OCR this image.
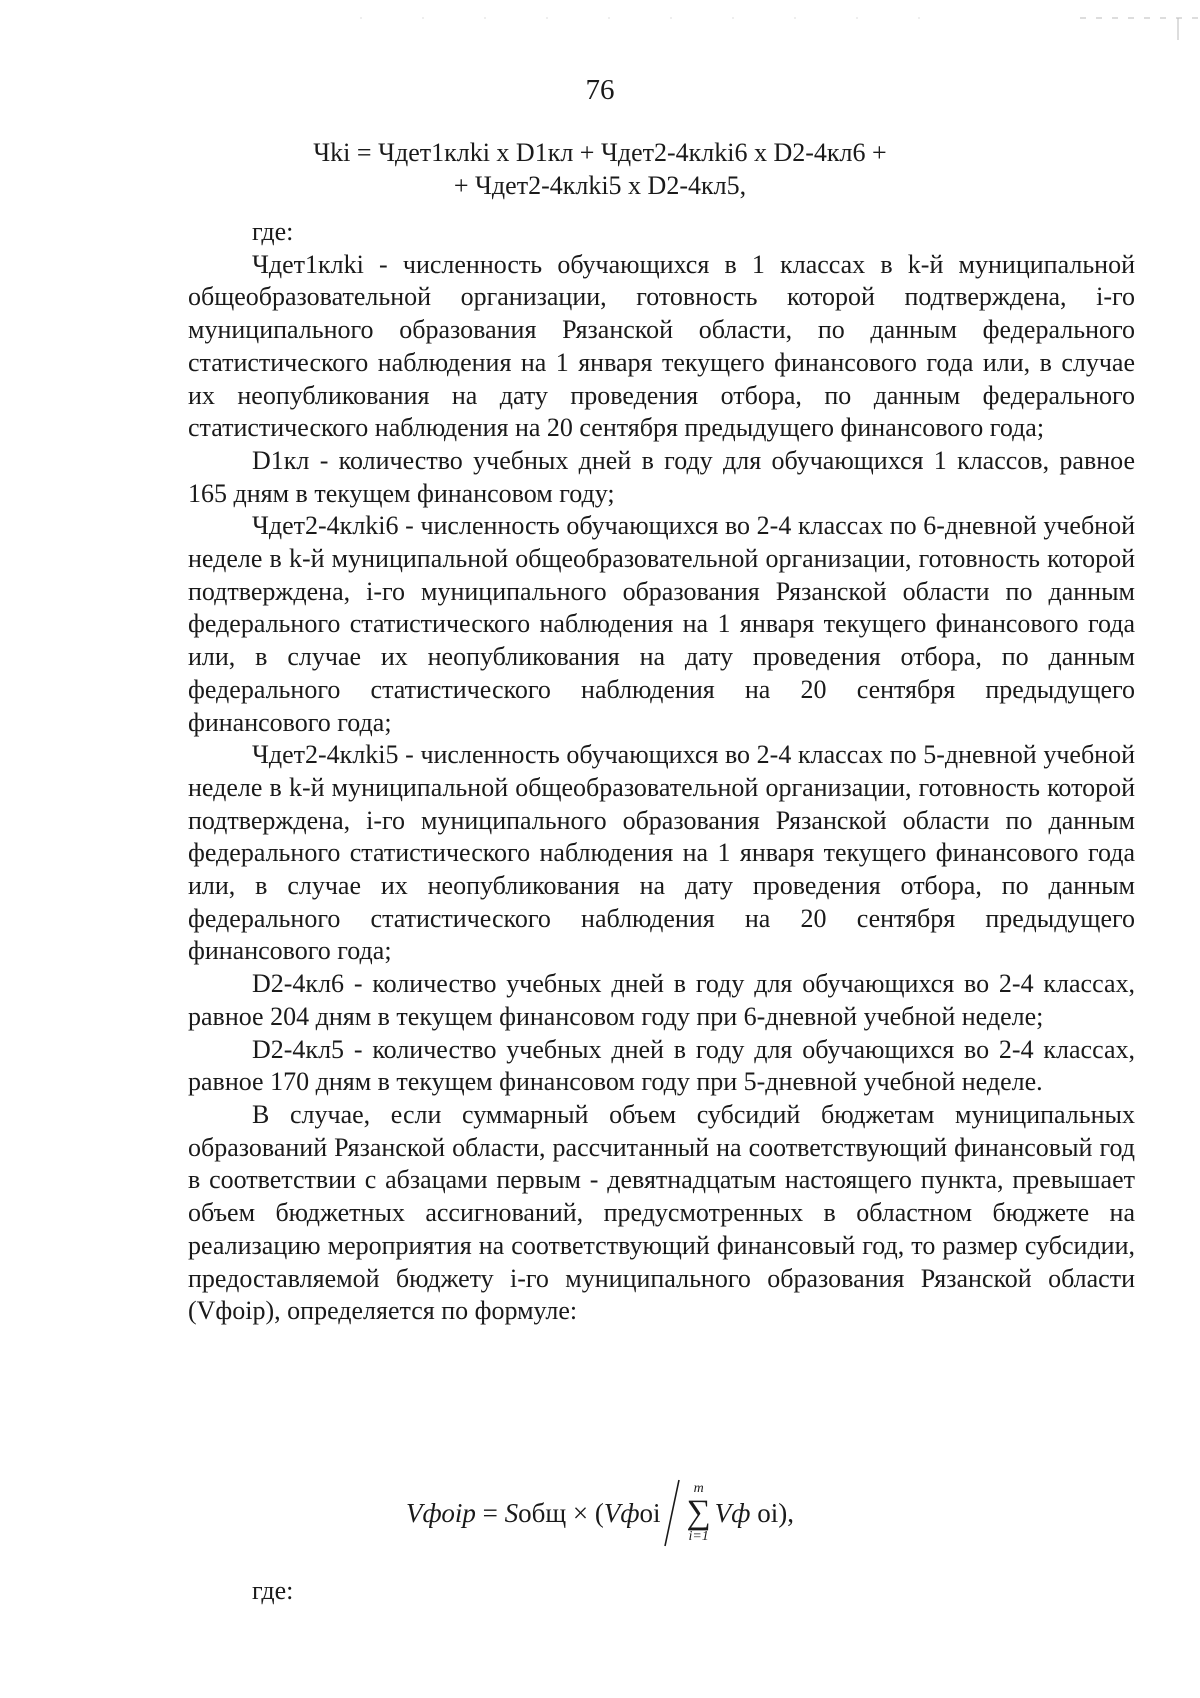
76
Чki = Чдет1клki х D1кл + Чдет2-4клki6 х D2-4кл6 +
+ Чдет2-4клki5 х D2-4кл5,

где:

Чдет1клki - численность обучающихся в 1 классах в k-й муниципальной общеобразовательной организации, готовность которой подтверждена, i-го муниципального образования Рязанской области, по данным федерального статистического наблюдения на 1 января текущего финансового года или, в случае их неопубликования на дату проведения отбора, по данным федерального статистического наблюдения на 20 сентября предыдущего финансового года;

D1кл - количество учебных дней в году для обучающихся 1 классов, равное 165 дням в текущем финансовом году;

Чдет2-4клki6 - численность обучающихся во 2-4 классах по 6-дневной учебной неделе в k-й муниципальной общеобразовательной организации, готовность которой подтверждена, i-го муниципального образования Рязанской области по данным федерального статистического наблюдения на 1 января текущего финансового года или, в случае их неопубликования на дату проведения отбора, по данным федерального статистического наблюдения на 20 сентября предыдущего финансового года;

Чдет2-4клki5 - численность обучающихся во 2-4 классах по 5-дневной учебной неделе в k-й муниципальной общеобразовательной организации, готовность которой подтверждена, i-го муниципального образования Рязанской области по данным федерального статистического наблюдения на 1 января текущего финансового года или, в случае их неопубликования на дату проведения отбора, по данным федерального статистического наблюдения на 20 сентября предыдущего финансового года;

D2-4кл6 - количество учебных дней в году для обучающихся во 2-4 классах, равное 204 дням в текущем финансовом году при 6-дневной учебной неделе;

D2-4кл5 - количество учебных дней в году для обучающихся во 2-4 классах, равное 170 дням в текущем финансовом году при 5-дневной учебной неделе.

В случае, если суммарный объем субсидий бюджетам муниципальных образований Рязанской области, рассчитанный на соответствующий финансовый год в соответствии с абзацами первым - девятнадцатым настоящего пункта, превышает объем бюджетных ассигнований, предусмотренных в областном бюджете на реализацию мероприятия на соответствующий финансовый год, то размер субсидии, предоставляемой бюджету i-го муниципального образования Рязанской области (Vфоiр), определяется по формуле:

Vфоiр = S общ × ( Vф оi
m
∑
i=1
Vф оi ),
где:
